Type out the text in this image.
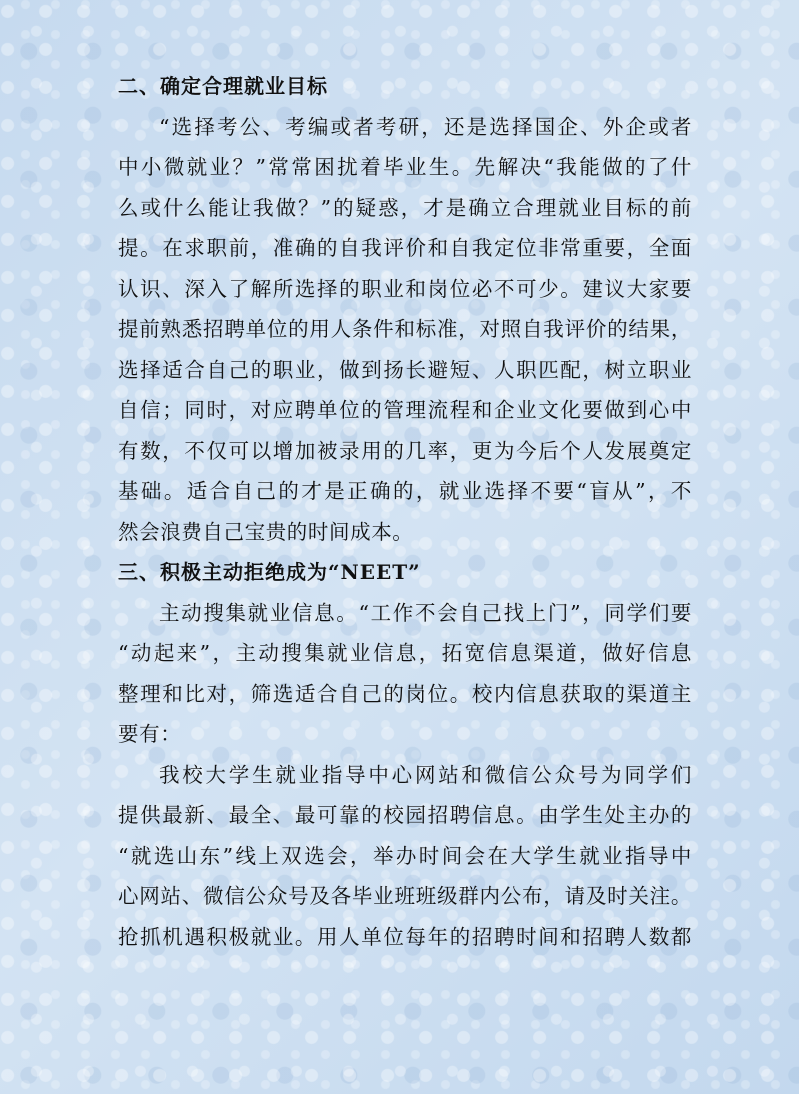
二、确定合理就业目标
“选择考公、考编或者考研，还是选择国企、外企或者
中小微就业？”常常困扰着毕业生。先解决“我能做的了什
么或什么能让我做？”的疑惑，才是确立合理就业目标的前
提。在求职前，准确的自我评价和自我定位非常重要，全面
认识、深入了解所选择的职业和岗位必不可少。建议大家要
提前熟悉招聘单位的用人条件和标准，对照自我评价的结果，
选择适合自己的职业，做到扬长避短、人职匹配，树立职业
自信；同时，对应聘单位的管理流程和企业文化要做到心中
有数，不仅可以增加被录用的几率，更为今后个人发展奠定
基础。适合自己的才是正确的，就业选择不要“盲从”，不
然会浪费自己宝贵的时间成本。
三、积极主动拒绝成为“NEET”
主动搜集就业信息。“工作不会自己找上门”，同学们要
“动起来”，主动搜集就业信息，拓宽信息渠道，做好信息
整理和比对，筛选适合自己的岗位。校内信息获取的渠道主
要有：
我校大学生就业指导中心网站和微信公众号为同学们
提供最新、最全、最可靠的校园招聘信息。由学生处主办的
“就选山东”线上双选会，举办时间会在大学生就业指导中
心网站、微信公众号及各毕业班班级群内公布，请及时关注。
抢抓机遇积极就业。用人单位每年的招聘时间和招聘人数都
